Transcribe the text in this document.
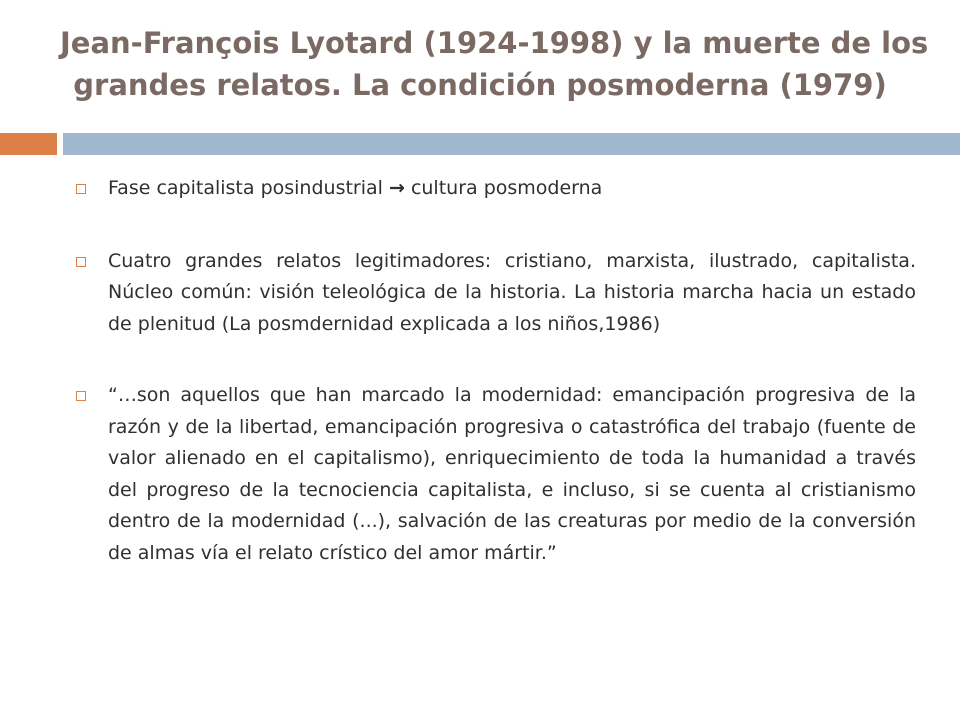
Jean-François Lyotard (1924-1998) y la muerte de los
grandes relatos. La condición posmoderna (1979)
Fase capitalista posindustrial → cultura posmoderna
Cuatro grandes relatos legitimadores: cristiano, marxista, ilustrado, capitalista. Núcleo común: visión teleológica de la historia. La historia marcha hacia un estado de plenitud (La posmdernidad explicada a los niños,1986)
“…son aquellos que han marcado la modernidad: emancipación progresiva de la razón y de la libertad, emancipación progresiva o catastrófica del trabajo (fuente de valor alienado en el capitalismo), enriquecimiento de toda la humanidad a través del progreso de la tecnociencia capitalista, e incluso, si se cuenta al cristianismo dentro de la modernidad (...), salvación de las creaturas por medio de la conversión de almas vía el relato crístico del amor mártir.”
